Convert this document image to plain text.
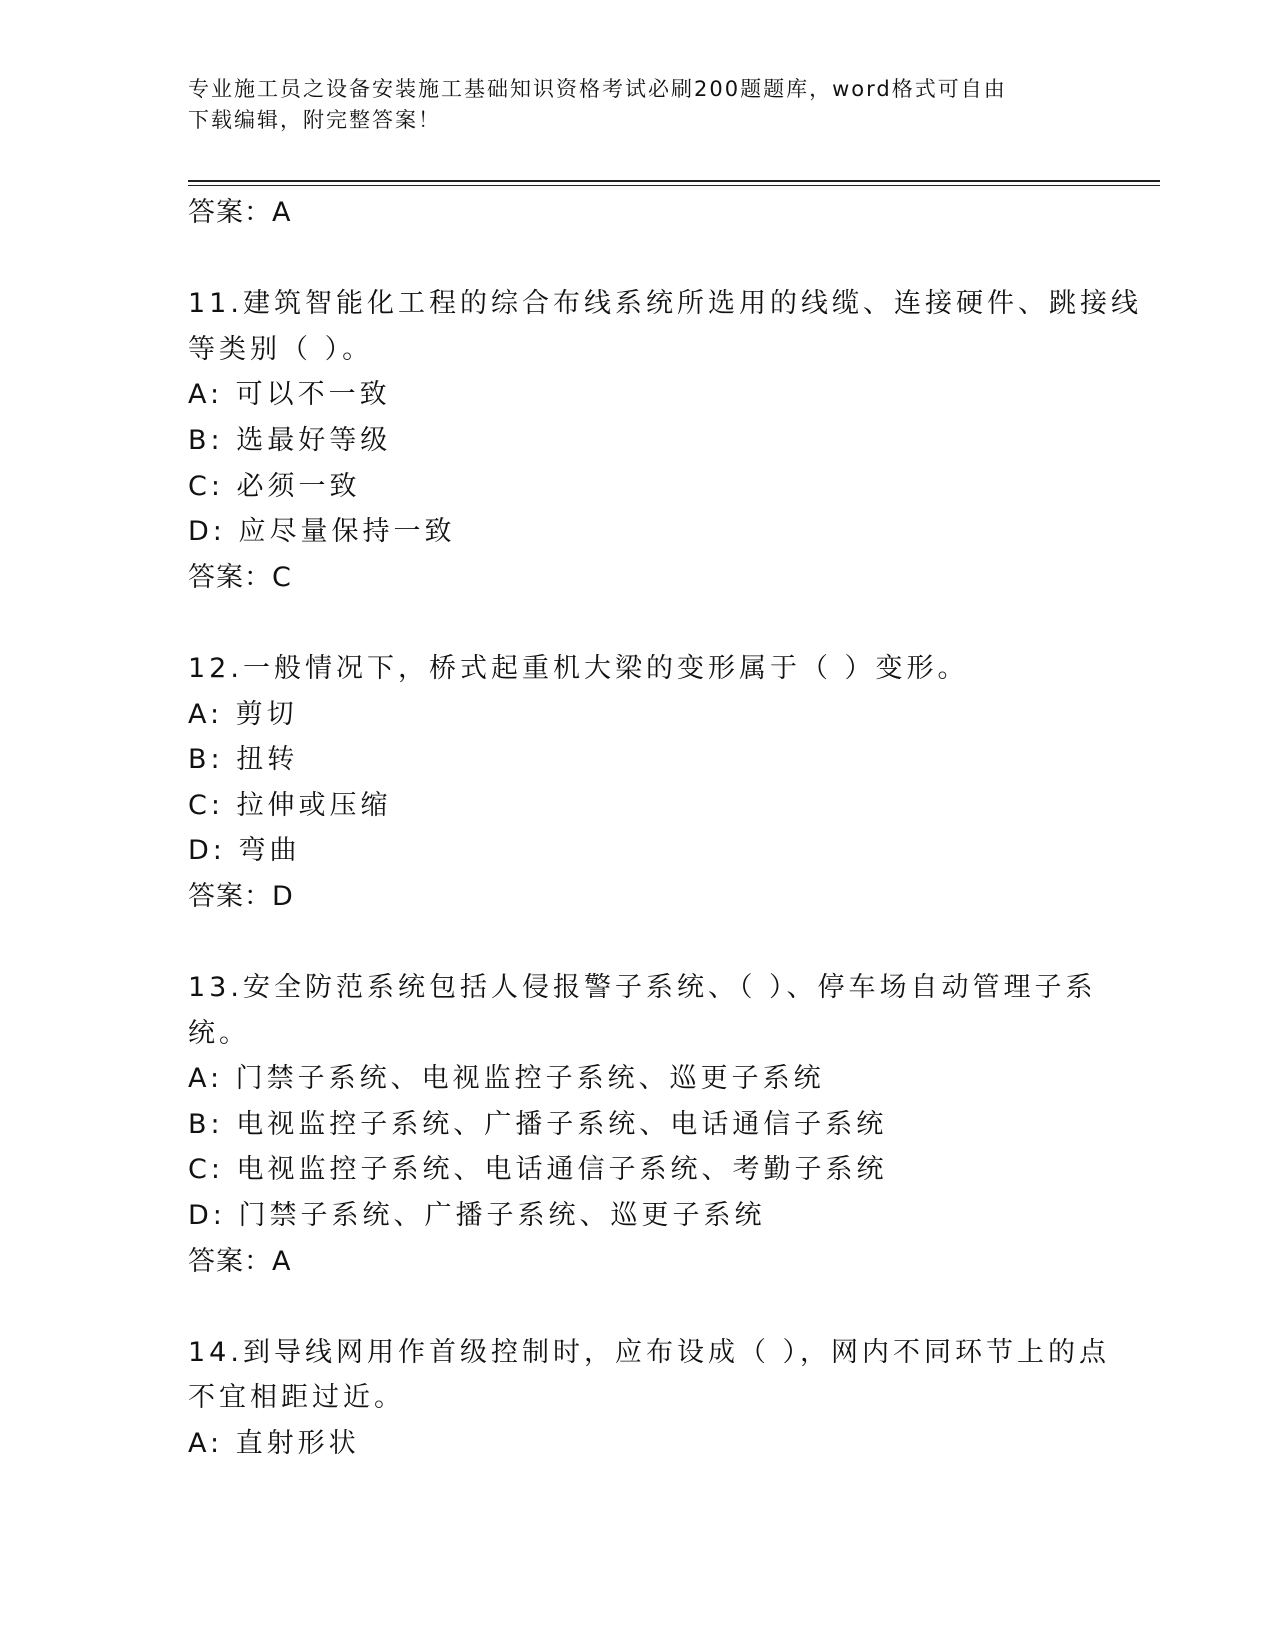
专业施工员之设备安装施工基础知识资格考试必刷200题题库，word格式可自由
下载编辑，附完整答案！
答案：A
11.建筑智能化工程的综合布线系统所选用的线缆、连接硬件、跳接线
等类别（ ）。
A: 可以不一致
B: 选最好等级
C: 必须一致
D: 应尽量保持一致
答案：C
12.一般情况下，桥式起重机大梁的变形属于（ ）变形。
A: 剪切
B: 扭转
C: 拉伸或压缩
D: 弯曲
答案：D
13.安全防范系统包括人侵报警子系统、（ ）、停车场自动管理子系
统。
A: 门禁子系统、电视监控子系统、巡更子系统
B: 电视监控子系统、广播子系统、电话通信子系统
C: 电视监控子系统、电话通信子系统、考勤子系统
D: 门禁子系统、广播子系统、巡更子系统
答案：A
14.到导线网用作首级控制时，应布设成（ ），网内不同环节上的点
不宜相距过近。
A: 直射形状
